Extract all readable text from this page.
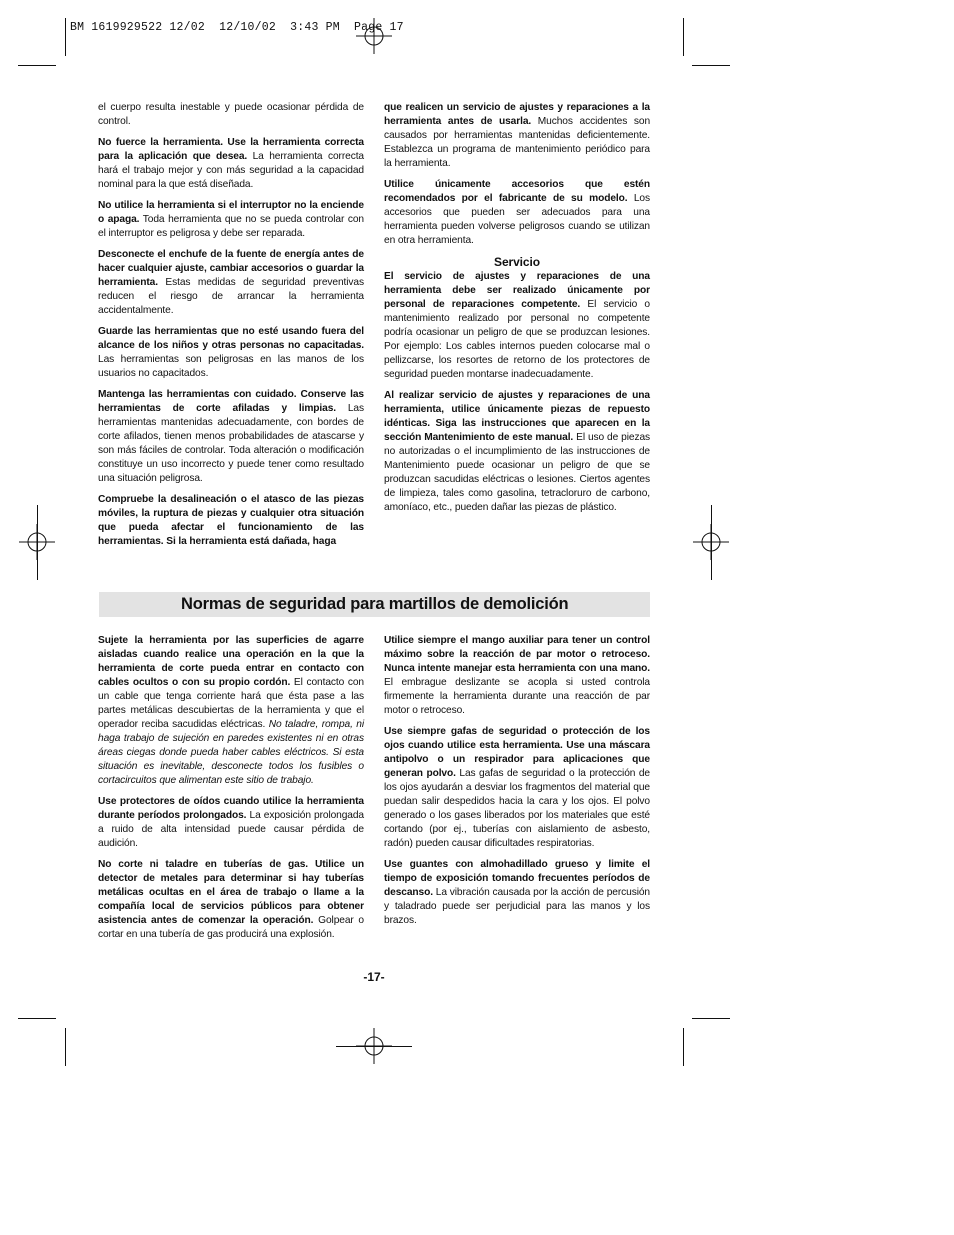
BM 1619929522 12/02  12/10/02  3:43 PM  Page 17

el cuerpo resulta inestable y puede ocasionar pérdida de control.

No fuerce la herramienta. Use la herramienta correcta para la aplicación que desea. La herramienta correcta hará el trabajo mejor y con más seguridad a la capacidad nominal para la que está diseñada.

No utilice la herramienta si el interruptor no la enciende o apaga. Toda herramienta que no se pueda controlar con el interruptor es peligrosa y debe ser reparada.

Desconecte el enchufe de la fuente de energía antes de hacer cualquier ajuste, cambiar accesorios o guardar la herramienta. Estas medidas de seguridad preventivas reducen el riesgo de arrancar la herramienta accidentalmente.

Guarde las herramientas que no esté usando fuera del alcance de los niños y otras personas no capacitadas. Las herramientas son peligrosas en las manos de los usuarios no capacitados.

Mantenga las herramientas con cuidado. Conserve las herramientas de corte afiladas y limpias. Las herramientas mantenidas adecuadamente, con bordes de corte afilados, tienen menos probabilidades de atascarse y son más fáciles de controlar. Toda alteración o modificación constituye un uso incorrecto y puede tener como resultado una situación peligrosa.

Compruebe la desalineación o el atasco de las piezas móviles, la ruptura de piezas y cualquier otra situación que pueda afectar el funcionamiento de las herramientas. Si la herramienta está dañada, haga

que realicen un servicio de ajustes y reparaciones a la herramienta antes de usarla. Muchos accidentes son causados por herramientas mantenidas deficientemente. Establezca un programa de mantenimiento periódico para la herramienta.

Utilice únicamente accesorios que estén recomendados por el fabricante de su modelo. Los accesorios que pueden ser adecuados para una herramienta pueden volverse peligrosos cuando se utilizan en otra herramienta.

Servicio

El servicio de ajustes y reparaciones de una herramienta debe ser realizado únicamente por personal de reparaciones competente. El servicio o mantenimiento realizado por personal no competente podría ocasionar un peligro de que se produzcan lesiones. Por ejemplo: Los cables internos pueden colocarse mal o pellizcarse, los resortes de retorno de los protectores de seguridad pueden montarse inadecuadamente.

Al realizar servicio de ajustes y reparaciones de una herramienta, utilice únicamente piezas de repuesto idénticas. Siga las instrucciones que aparecen en la sección Mantenimiento de este manual. El uso de piezas no autorizadas o el incumplimiento de las instrucciones de Mantenimiento puede ocasionar un peligro de que se produzcan sacudidas eléctricas o lesiones. Ciertos agentes de limpieza, tales como gasolina, tetracloruro de carbono, amoníaco, etc., pueden dañar las piezas de plástico.

Normas de seguridad para martillos de demolición

Sujete la herramienta por las superficies de agarre aisladas cuando realice una operación en la que la herramienta de corte pueda entrar en contacto con cables ocultos o con su propio cordón. El contacto con un cable que tenga corriente hará que ésta pase a las partes metálicas descubiertas de la herramienta y que el operador reciba sacudidas eléctricas. No taladre, rompa, ni haga trabajo de sujeción en paredes existentes ni en otras áreas ciegas donde pueda haber cables eléctricos. Si esta situación es inevitable, desconecte todos los fusibles o cortacircuitos que alimentan este sitio de trabajo.

Use protectores de oídos cuando utilice la herramienta durante períodos prolongados. La exposición prolongada a ruido de alta intensidad puede causar pérdida de audición.

No corte ni taladre en tuberías de gas. Utilice un detector de metales para determinar si hay tuberías metálicas ocultas en el área de trabajo o llame a la compañía local de servicios públicos para obtener asistencia antes de comenzar la operación. Golpear o cortar en una tubería de gas producirá una explosión.

Utilice siempre el mango auxiliar para tener un control máximo sobre la reacción de par motor o retroceso. Nunca intente manejar esta herramienta con una mano. El embrague deslizante se acopla si usted controla firmemente la herramienta durante una reacción de par motor o retroceso.

Use siempre gafas de seguridad o protección de los ojos cuando utilice esta herramienta. Use una máscara antipolvo o un respirador para aplicaciones que generan polvo. Las gafas de seguridad o la protección de los ojos ayudarán a desviar los fragmentos del material que puedan salir despedidos hacia la cara y los ojos. El polvo generado o los gases liberados por los materiales que esté cortando (por ej., tuberías con aislamiento de asbesto, radón) pueden causar dificultades respiratorias.

Use guantes con almohadillado grueso y limite el tiempo de exposición tomando frecuentes períodos de descanso. La vibración causada por la acción de percusión y taladrado puede ser perjudicial para las manos y los brazos.

-17-
